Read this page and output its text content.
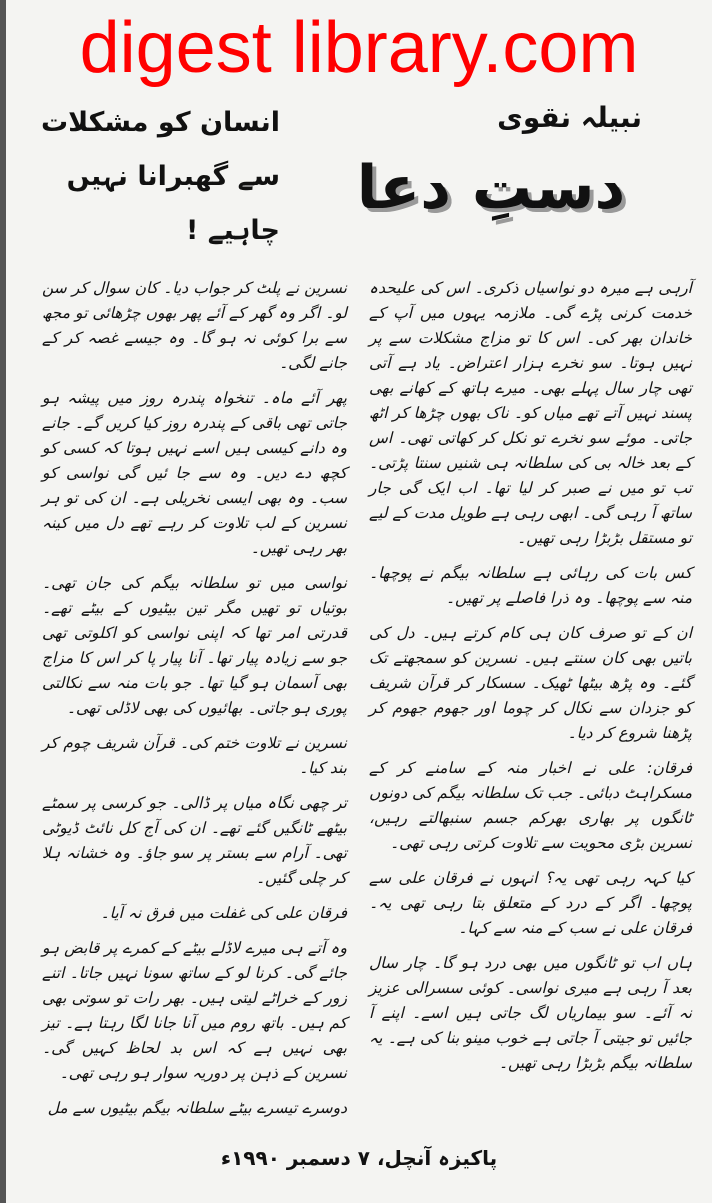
digest library.com
انسان کو مشکلات
سے گھبرانا نہیں
چاہیے !
نبیلہ نقوی
دستِ دعا

نسرین نے پلٹ کر جواب دیا۔ کان سوال کر سن لو۔ اگر وہ گھر کے آئے پھر بھوں چڑھائی تو مجھ سے برا کوئی نہ ہو گا۔ وہ جیسے غصہ کر کے جانے لگی۔

پھر آئے ماہ۔ تنخواہ پندرہ روز میں پیشہ ہو جاتی تھی باقی کے پندرہ روز کیا کریں گے۔ جانے وہ دانے کیسی ہیں اسے نہیں ہوتا کہ کسی کو کچھ دے دیں۔ وہ سے جا ئیں گی نواسی کو سب۔ وہ بھی ایسی نخریلی ہے۔ ان کی تو ہر نسرین کے لب تلاوت کر رہے تھے دل میں کینہ بھر رہی تھیں۔

نواسی میں تو سلطانہ بیگم کی جان تھی۔ بوتیاں تو تھیں مگر تین بیٹیوں کے بیٹے تھے۔ قدرتی امر تھا کہ اپنی نواسی کو اکلوتی تھی جو سے زیادہ پیار تھا۔ آنا پیار پا کر اس کا مزاج بھی آسمان ہو گیا تھا۔ جو بات منہ سے نکالتی پوری ہو جاتی۔ بھائیوں کی بھی لاڈلی تھی۔

نسرین نے تلاوت ختم کی۔ قرآن شریف چوم کر بند کیا۔

تر چھی نگاہ میاں پر ڈالی۔ جو کرسی پر سمٹے بیٹھے ٹانگیں گئے تھے۔ ان کی آج کل نائٹ ڈیوٹی تھی۔ آرام سے بستر پر سو جاؤ۔ وہ خشانہ ہلا کر چلی گئیں۔

فرقان علی کی غفلت میں فرق نہ آیا۔

وہ آتے ہی میرے لاڈلے بیٹے کے کمرے پر قابض ہو جائے گی۔ کرنا لو کے ساتھ سونا نہیں جاتا۔ اتنے زور کے خراٹے لیتی ہیں۔ بھر رات تو سوتی بھی کم ہیں۔ باتھ روم میں آنا جانا لگا رہتا ہے۔ تیز بھی نہیں ہے کہ اس بد لحاظ کہیں گی۔ نسرین کے ذہن پر دوریہ سوار ہو رہی تھی۔

دوسرے تیسرے بیٹے سلطانہ بیگم بیٹیوں سے مل

آرہی ہے میرہ دو نواسیاں ذکری۔ اس کی علیحدہ خدمت کرنی پڑے گی۔ ملازمہ یہوں میں آپ کے خاندان بھر کی۔ اس کا تو مزاج مشکلات سے پر نہیں ہوتا۔ سو نخرے ہزار اعتراض۔ یاد ہے آتی تھی چار سال پہلے بھی۔ میرے ہاتھ کے کھانے بھی پسند نہیں آتے تھے میاں کو۔ ناک بھوں چڑھا کر اٹھ جاتی۔ موئے سو نخرے تو نکل کر کھاتی تھی۔ اس کے بعد خالہ بی کی سلطانہ ہی شنیں سنتا پڑتی۔ تب تو میں نے صبر کر لیا تھا۔ اب ایک گی جار ساتھ آ رہی گی۔ ابھی رہی ہے طویل مدت کے لیے تو مستقل بڑبڑا رہی تھیں۔

کس بات کی رہائی ہے سلطانہ بیگم نے پوچھا۔ منہ سے پوچھا۔ وہ ذرا فاصلے پر تھیں۔

ان کے تو صرف کان ہی کام کرتے ہیں۔ دل کی باتیں بھی کان سنتے ہیں۔ نسرین کو سمجھتے تک گئے۔ وہ پڑھ بیٹھا ٹھیک۔ سسکار کر قرآن شریف کو جزدان سے نکال کر چوما اور جھوم جھوم کر پڑھنا شروع کر دیا۔

فرقان: علی نے اخبار منہ کے سامنے کر کے مسکراہٹ دبائی۔ جب تک سلطانہ بیگم کی دونوں ٹانگوں پر بھاری بھرکم جسم سنبھالتے رہیں، نسرین بڑی محویت سے تلاوت کرتی رہی تھی۔

کیا کہہ رہی تھی یہ؟ انہوں نے فرقان علی سے پوچھا۔ اگر کے درد کے متعلق بتا رہی تھی یہ۔ فرقان علی نے سب کے منہ سے کہا۔

ہاں اب تو ٹانگوں میں بھی درد ہو گا۔ چار سال بعد آ رہی ہے میری نواسی۔ کوئی سسرالی عزیز نہ آئے۔ سو بیماریاں لگ جاتی ہیں اسے۔ اپنے آ جائیں تو جیتی آ جاتی ہے خوب مینو بنا کی ہے۔ یہ سلطانہ بیگم بڑبڑا رہی تھیں۔

پاکیزہ آنچل، ۷ دسمبر ۱۹۹۰ء
